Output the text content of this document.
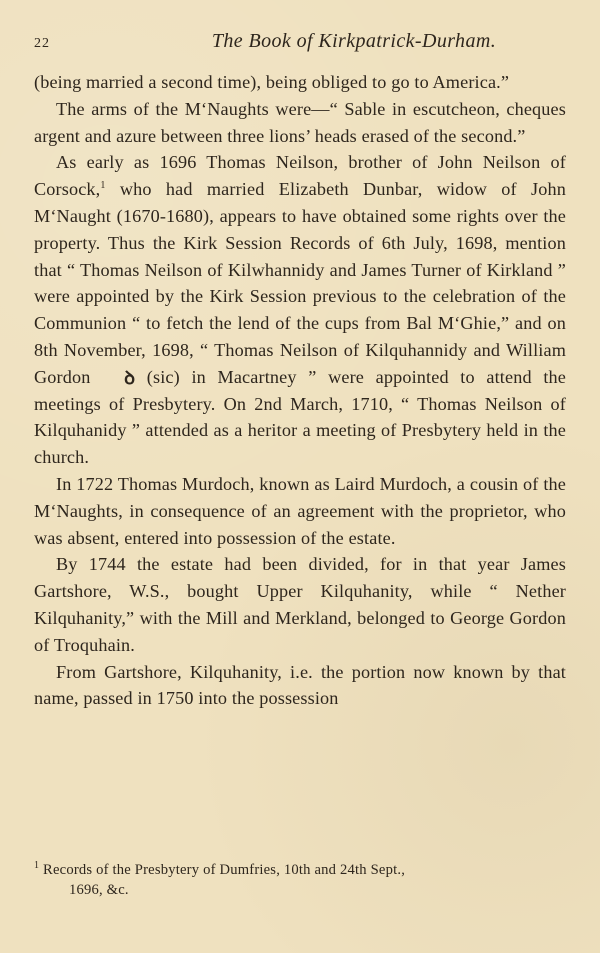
22	The Book of Kirkpatrick-Durham.

(being married a second time), being obliged to go to America.”

The arms of the M‘Naughts were—“ Sable in escutcheon, cheques argent and azure between three lions’ heads erased of the second.”

As early as 1696 Thomas Neilson, brother of John Neilson of Corsock,$^1$ who had married Elizabeth Dunbar, widow of John M‘Naught (1670-1680), appears to have obtained some rights over the property. Thus the Kirk Session Records of 6th July, 1698, mention that “ Thomas Neilson of Kilwhannidy and James Turner of Kirkland ” were appointed by the Kirk Session previous to the celebration of the Communion “ to fetch the lend of the cups from Bal M‘Ghie,” and on 8th November, 1698, “ Thomas Neilson of Kilquhannidy and William Gordon ꝺ (sic) in Macartney ” were appointed to attend the meetings of Presbytery. On 2nd March, 1710, “ Thomas Neilson of Kilquhanidy ” attended as a heritor a meeting of Presbytery held in the church.

In 1722 Thomas Murdoch, known as Laird Murdoch, a cousin of the M‘Naughts, in consequence of an agreement with the proprietor, who was absent, entered into possession of the estate.

By 1744 the estate had been divided, for in that year James Gartshore, W.S., bought Upper Kilquhanity, while “ Nether Kilquhanity,” with the Mill and Merkland, belonged to George Gordon of Troquhain.

From Gartshore, Kilquhanity, i.e. the portion now known by that name, passed in 1750 into the possession

$^1$ Records of the Presbytery of Dumfries, 10th and 24th Sept.,
1696, &c.
